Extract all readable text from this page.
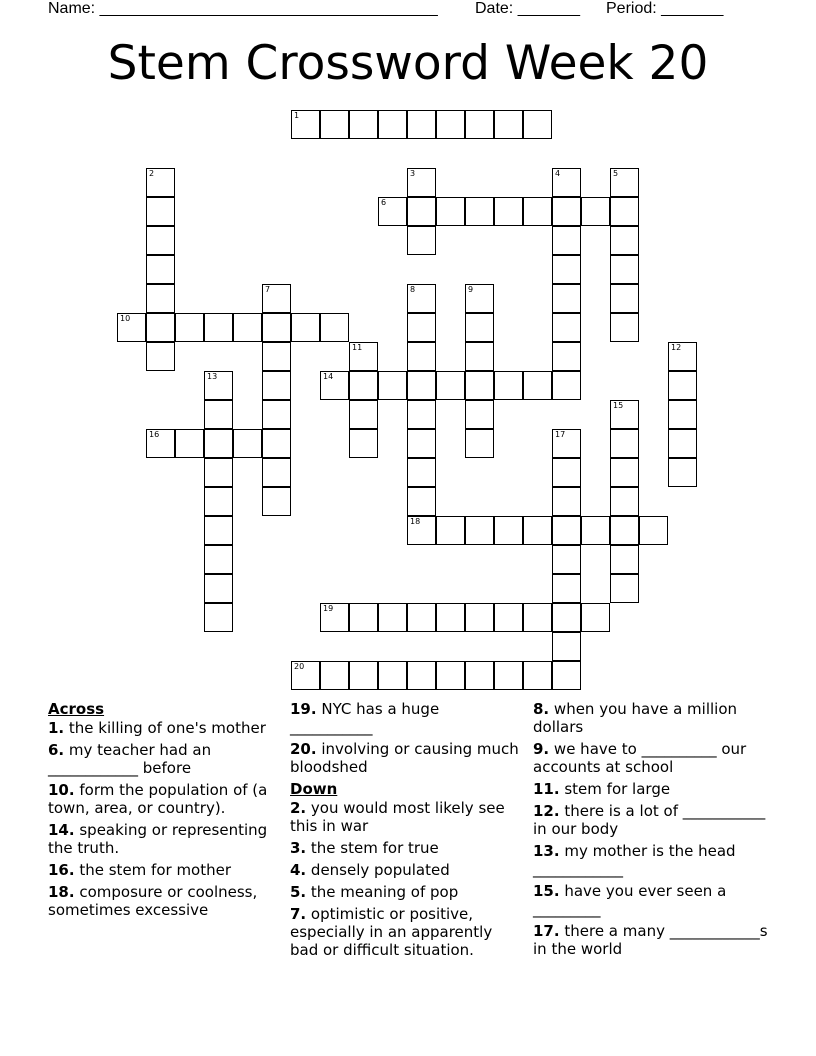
Name: ______________________________________ Date: _______ Period: _______
Stem Crossword Week 20
1
2	3	4	5
6
7	8
18
9
10
11	12
13	14
15
16	17
19
20
Across
1. the killing of one's mother
6. my teacher had an ____________ before
10. form the population of (a town, area, or country).
14. speaking or representing the truth.
16. the stem for mother
18. composure or coolness, sometimes excessive
19. NYC has a huge ___________
20. involving or causing much bloodshed
Down
2. you would most likely see this in war
3. the stem for true
4. densely populated
5. the meaning of pop
7. optimistic or positive, especially in an apparently bad or difficult situation.
8. when you have a million dollars
9. we have to __________ our accounts at school
11. stem for large
12. there is a lot of ___________ in our body
13. my mother is the head ____________
15. have you ever seen a _________
17. there a many ____________s in the world
